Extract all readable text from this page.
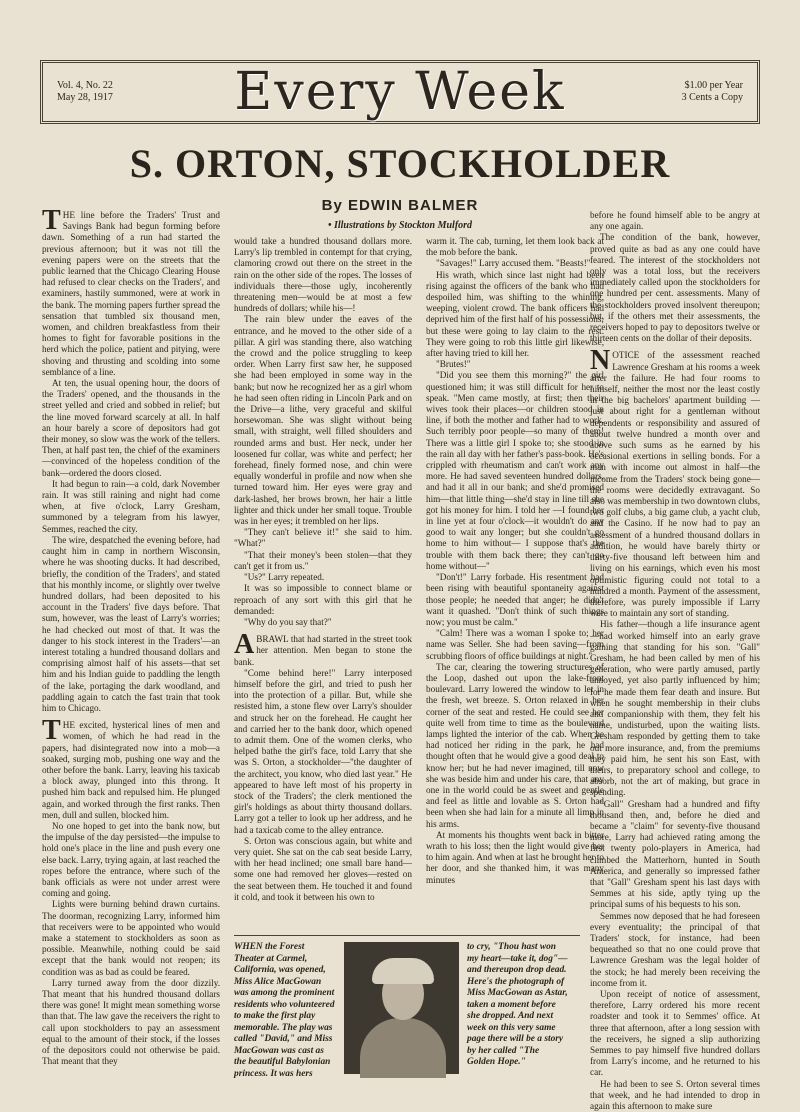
Vol. 4, No. 22
May 28, 1917	Every Week	$1.00 per Year
3 Cents a Copy
S. ORTON, STOCKHOLDER
By EDWIN BALMER
• Illustrations by Stockton Mulford

THE line before the Traders' Trust and Savings Bank had begun forming before dawn. Something of a run had started the previous afternoon; but it was not till the evening papers were on the streets that the public learned that the Chicago Clearing House had refused to clear checks on the Traders', and examiners, hastily summoned, were at work in the bank. The morning papers further spread the sensation that tumbled six thousand men, women, and children breakfastless from their homes to fight for favorable positions in the herd which the police, patient and pitying, were shoving and thrusting and scolding into some semblance of a line.

At ten, the usual opening hour, the doors of the Traders' opened, and the thousands in the street yelled and cried and sobbed in relief; but the line moved forward scarcely at all. In half an hour barely a score of depositors had got their money, so slow was the work of the tellers. Then, at half past ten, the chief of the examiners—convinced of the hopeless condition of the bank—ordered the doors closed.

It had begun to rain—a cold, dark November rain. It was still raining and night had come when, at five o'clock, Larry Gresham, summoned by a telegram from his lawyer, Semmes, reached the city.

The wire, despatched the evening before, had caught him in camp in northern Wisconsin, where he was shooting ducks. It had described, briefly, the condition of the Traders', and stated that his monthly income, or slightly over twelve hundred dollars, had been deposited to his account in the Traders' five days before. That sum, however, was the least of Larry's worries; he had checked out most of that. It was the danger to his stock interest in the Traders'—an interest totaling a hundred thousand dollars and comprising almost half of his assets—that set him and his Indian guide to paddling the length of the lake, portaging the dark woodland, and paddling again to catch the fast train that took him to Chicago.

THE excited, hysterical lines of men and women, of which he had read in the papers, had disintegrated now into a mob—a soaked, surging mob, pushing one way and the other before the bank. Larry, leaving his taxicab a block away, plunged into this throng. It pushed him back and repulsed him. He plunged again, and worked through the first ranks. Then men, dull and sullen, blocked him.

No one hoped to get into the bank now, but the impulse of the day persisted—the impulse to hold one's place in the line and push every one else back. Larry, trying again, at last reached the ropes before the entrance, where such of the bank officials as were not under arrest were coming and going.

Lights were burning behind drawn curtains. The doorman, recognizing Larry, informed him that receivers were to be appointed who would make a statement to stockholders as soon as possible. Meanwhile, nothing could be said except that the bank would not reopen; its condition was as bad as could be feared.

Larry turned away from the door dizzily. That meant that his hundred thousand dollars there was gone! It might mean something worse than that. The law gave the receivers the right to call upon stockholders to pay an assessment equal to the amount of their stock, if the losses of the depositors could not otherwise be paid. That meant that they

would take a hundred thousand dollars more. Larry's lip trembled in contempt for that crying, clamoring crowd out there on the street in the rain on the other side of the ropes. The losses of individuals there—those ugly, incoherently threatening men—would be at most a few hundreds of dollars; while his—!

The rain blew under the eaves of the entrance, and he moved to the other side of a pillar. A girl was standing there, also watching the crowd and the police struggling to keep order. When Larry first saw her, he supposed she had been employed in some way in the bank; but now he recognized her as a girl whom he had seen often riding in Lincoln Park and on the Drive—a lithe, very graceful and skilful horsewoman. She was slight without being small, with straight, well filled shoulders and rounded arms and bust. Her neck, under her loosened fur collar, was white and perfect; her forehead, finely formed nose, and chin were equally wonderful in profile and now when she turned toward him. Her eyes were gray and dark-lashed, her brows brown, her hair a little lighter and thick under her small toque. Trouble was in her eyes; it trembled on her lips.

"They can't believe it!" she said to him. "What?"

"That their money's been stolen—that they can't get it from us."

"Us?" Larry repeated.

It was so impossible to connect blame or reproach of any sort with this girl that he demanded:

"Why do you say that?"

ABRAWL that had started in the street took her attention. Men began to stone the bank.

"Come behind here!" Larry interposed himself before the girl, and tried to push her into the protection of a pillar. But, while she resisted him, a stone flew over Larry's shoulder and struck her on the forehead. He caught her and carried her to the bank door, which opened to admit them. One of the women clerks, who helped bathe the girl's face, told Larry that she was S. Orton, a stockholder—"the daughter of the architect, you know, who died last year." He appeared to have left most of his property in stock of the Traders'; the clerk mentioned the girl's holdings as about thirty thousand dollars. Larry got a teller to look up her address, and he had a taxicab come to the alley entrance.

S. Orton was conscious again, but white and very quiet. She sat on the cab seat beside Larry, with her head inclined; one small bare hand—some one had removed her gloves—rested on the seat between them. He touched it and found it cold, and took it between his own to

warm it. The cab, turning, let them look back at the mob before the bank.

"Savages!" Larry accused them. "Beasts!"

His wrath, which since last night had been rising against the officers of the bank who had despoiled him, was shifting to the whining, weeping, violent crowd. The bank officers had deprived him of the first half of his possessions; but these were going to lay claim to the rest. They were going to rob this little girl likewise, after having tried to kill her.

"Brutes!"

"Did you see them this morning?" the girl questioned him; it was still difficult for her to speak. "Men came mostly, at first; then their wives took their places—or children stood in line, if both the mother and father had to work. Such terribly poor people—so many of them! There was a little girl I spoke to; she stood in the rain all day with her father's pass-book. He's crippled with rheumatism and can't work any more. He had saved seventeen hundred dollars, and had it all in our bank; and she'd promised him—that little thing—she'd stay in line till she got his money for him. I told her —I found her in line yet at four o'clock—it wouldn't do any good to wait any longer; but she couldn't go home to him without— I suppose that's the trouble with them back there; they can't go home without—"

"Don't!" Larry forbade. His resentment had been rising with beautiful spontaneity against those people; he needed that anger; he didn't want it quashed. "Don't think of such things now; you must be calm."

"Calm! There was a woman I spoke to; her name was Seller. She had been saving—from scrubbing floors of office buildings at night."

The car, clearing the towering structures of the Loop, dashed out upon the lake-front boulevard. Larry lowered the window to let in the fresh, wet breeze. S. Orton relaxed in her corner of the seat and rested. He could see her quite well from time to time as the boulevard lamps lighted the interior of the cab. When he had noticed her riding in the park, he had thought often that he would give a good deal to know her; but he had never imagined, till now she was beside him and under his care, that any one in the world could be as sweet and gentle and feel as little and lovable as S. Orton had been when she had lain for a minute all limp in his arms.

At moments his thoughts went back in bitter wrath to his loss; then the light would give her to him again. And when at last he brought her to her door, and she thanked him, it was many minutes

before he found himself able to be angry at any one again.

The condition of the bank, however, proved quite as bad as any one could have feared. The interest of the stockholders not only was a total loss, but the receivers immediately called upon the stockholders for one hundred per cent. assessments. Many of the stockholders proved insolvent thereupon; but, if the others met their assessments, the receivers hoped to pay to depositors twelve or thirteen cents on the dollar of their deposits.

NOTICE of the assessment reached Lawrence Gresham at his rooms a week after the failure. He had four rooms to himself, neither the most nor the least costly in the big bachelors' apartment building —just about right for a gentleman without dependents or responsibility and assured of about twelve hundred a month over and above such sums as he earned by his occasional exertions in selling bonds. For a man with income out almost in half—the income from the Traders' stock being gone—the rooms were decidedly extravagant. So also was membership in two downtown clubs, two golf clubs, a big game club, a yacht club, and the Casino. If he now had to pay an assessment of a hundred thousand dollars in addition, he would have barely thirty or thirty-five thousand left between him and living on his earnings, which even his most optimistic figuring could not total to a hundred a month. Payment of the assessment, therefore, was purely impossible if Larry were to maintain any sort of standing.

His father—though a life insurance agent—had worked himself into an early grave gaining that standing for his son. "Gall" Gresham, he had been called by men of his generation, who were partly amused, partly annoyed, yet also partly influenced by him; for he made them fear death and insure. But when he sought membership in their clubs and companionship with them, they felt his name, undisturbed, upon the waiting lists. Gresham responded by getting them to take out more insurance, and, from the premiums they paid him, he sent his son East, with theirs, to preparatory school and college, to absorb, not the art of making, but grace in spending.

"Gall" Gresham had a hundred and fifty thousand then, and, before he died and became a "claim" for seventy-five thousand more, Larry had achieved rating among the first twenty polo-players in America, had climbed the Matterhorn, hunted in South America, and generally so impressed father that "Gall" Gresham spent his last days with Semmes at his side, aptly tying up the principal sums of his bequests to his son.

Semmes now deposed that he had foreseen every eventuality; the principal of that Traders' stock, for instance, had been bequeathed so that no one could prove that Lawrence Gresham was the legal holder of the stock; he had merely been receiving the income from it.

Upon receipt of notice of assessment, therefore, Larry ordered his more recent roadster and took it to Semmes' office. At three that afternoon, after a long session with the receivers, he signed a slip authorizing Semmes to pay himself five hundred dollars from Larry's income, and he returned to his car.

He had been to see S. Orton several times that week, and he had intended to drop in again this afternoon to make sure

WHEN the Forest Theater at Carmel, California, was opened, Miss Alice MacGowan was among the prominent residents who volunteered to make the first play memorable. The play was called "David," and Miss MacGowan was cast as the beautiful Babylonian princess. It was hers
to cry, "Thou hast won my heart—take it, dog"—and thereupon drop dead. Here's the photograph of Miss MacGowan as Astar, taken a moment before she dropped. And next week on this very same page there will be a story by her called "The Golden Hope."
